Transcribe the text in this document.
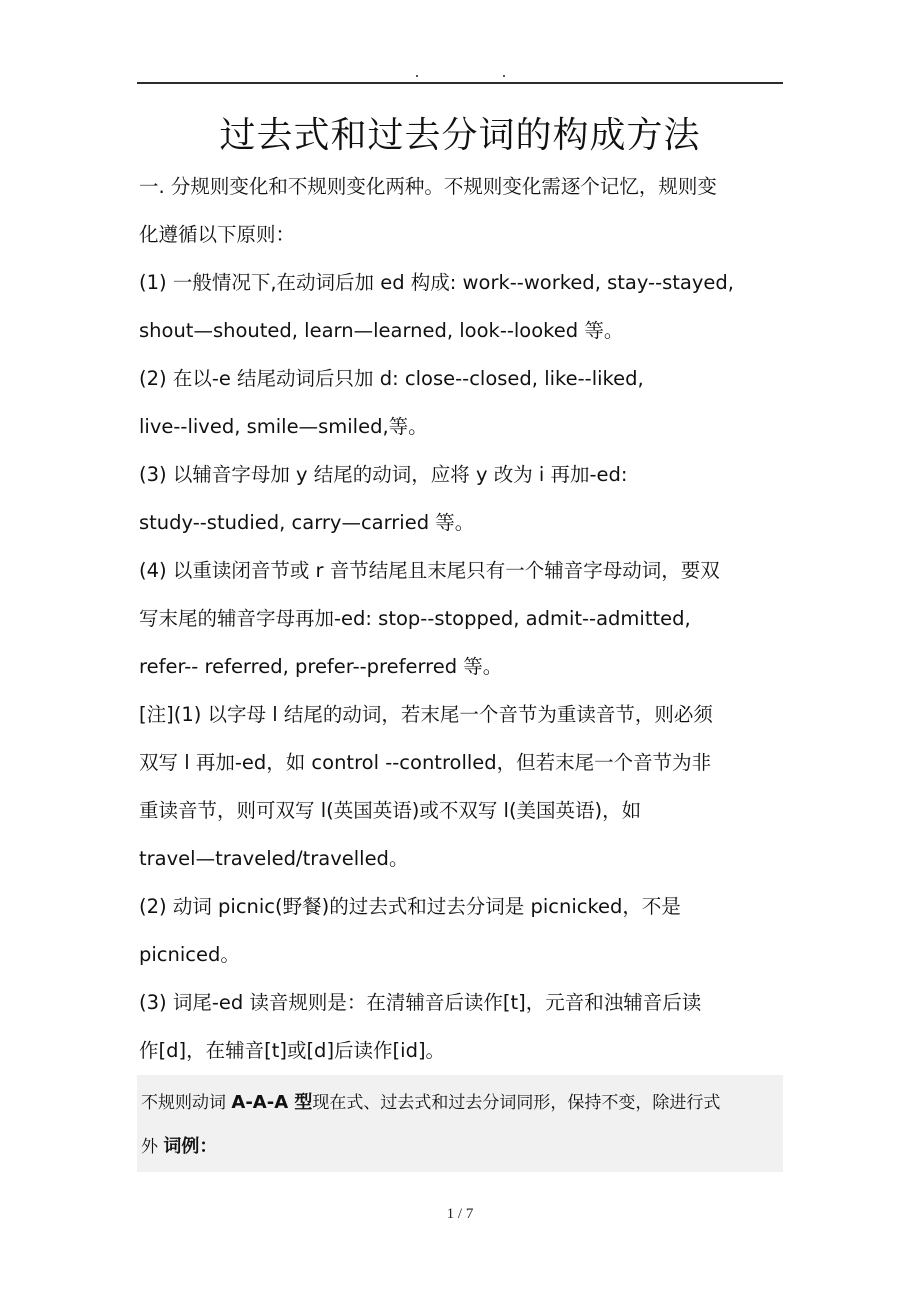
过去式和过去分词的构成方法

一. 分规则变化和不规则变化两种。不规则变化需逐个记忆，规则变

化遵循以下原则：

(1) 一般情况下,在动词后加 ed 构成: work--worked, stay--stayed,

shout—shouted, learn—learned, look--looked 等。

(2) 在以-e 结尾动词后只加 d: close--closed, like--liked,

live--lived, smile—smiled,等。

(3) 以辅音字母加 y 结尾的动词，应将 y 改为 i 再加-ed:

study--studied, carry—carried 等。

(4) 以重读闭音节或 r 音节结尾且末尾只有一个辅音字母动词，要双

写末尾的辅音字母再加-ed: stop--stopped, admit--admitted,

refer-- referred, prefer--preferred 等。

[注](1) 以字母 l 结尾的动词，若末尾一个音节为重读音节，则必须

双写 l 再加-ed，如 control --controlled，但若末尾一个音节为非

重读音节，则可双写 l(英国英语)或不双写 l(美国英语)，如

travel—traveled/travelled。

(2) 动词 picnic(野餐)的过去式和过去分词是 picnicked，不是

picniced。

(3) 词尾-ed 读音规则是：在清辅音后读作[t]，元音和浊辅音后读

作[d]，在辅音[t]或[d]后读作[id]。

不规则动词 A-A-A 型现在式、过去式和过去分词同形，保持不变，除进行式

外 词例：

1 / 7
